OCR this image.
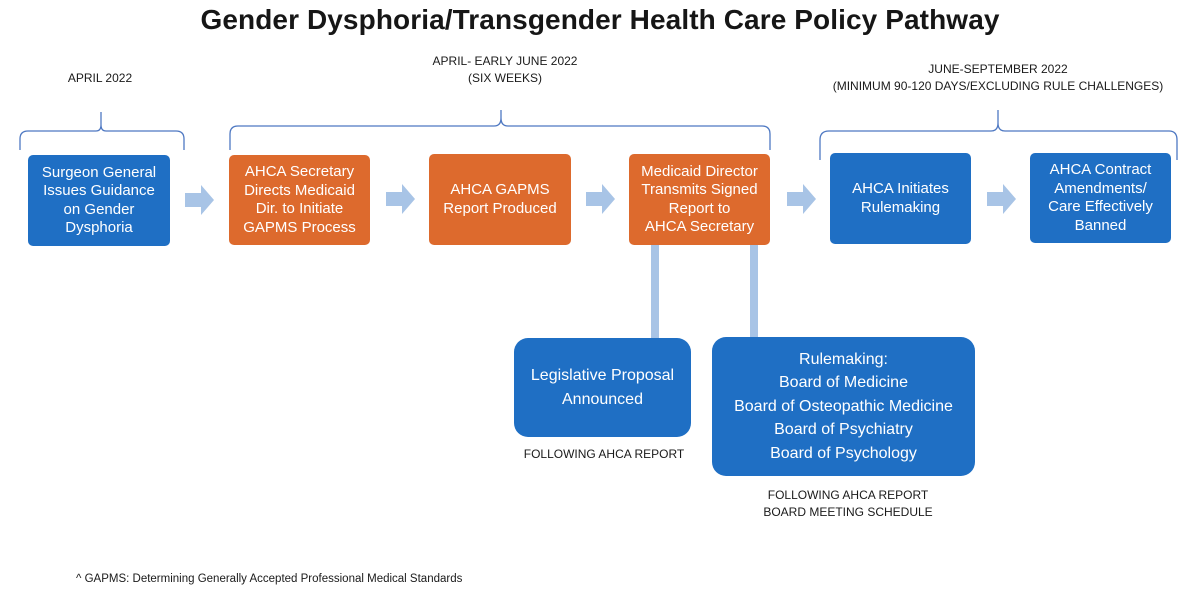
Gender Dysphoria/Transgender Health Care Policy Pathway
APRIL 2022
APRIL- EARLY JUNE 2022
(SIX WEEKS)
JUNE-SEPTEMBER 2022
(MINIMUM 90-120 DAYS/EXCLUDING RULE CHALLENGES)
Surgeon General
Issues Guidance
on Gender
Dysphoria
AHCA Secretary
Directs Medicaid
Dir. to Initiate
GAPMS Process
AHCA GAPMS
Report Produced
Medicaid Director
Transmits Signed
Report to
AHCA Secretary
AHCA Initiates
Rulemaking
AHCA Contract
Amendments/
Care Effectively
Banned
Legislative Proposal
Announced
FOLLOWING AHCA REPORT
Rulemaking:
Board of Medicine
Board of Osteopathic Medicine
Board of Psychiatry
Board of Psychology
FOLLOWING AHCA REPORT
BOARD MEETING SCHEDULE
^ GAPMS: Determining Generally Accepted Professional Medical Standards
